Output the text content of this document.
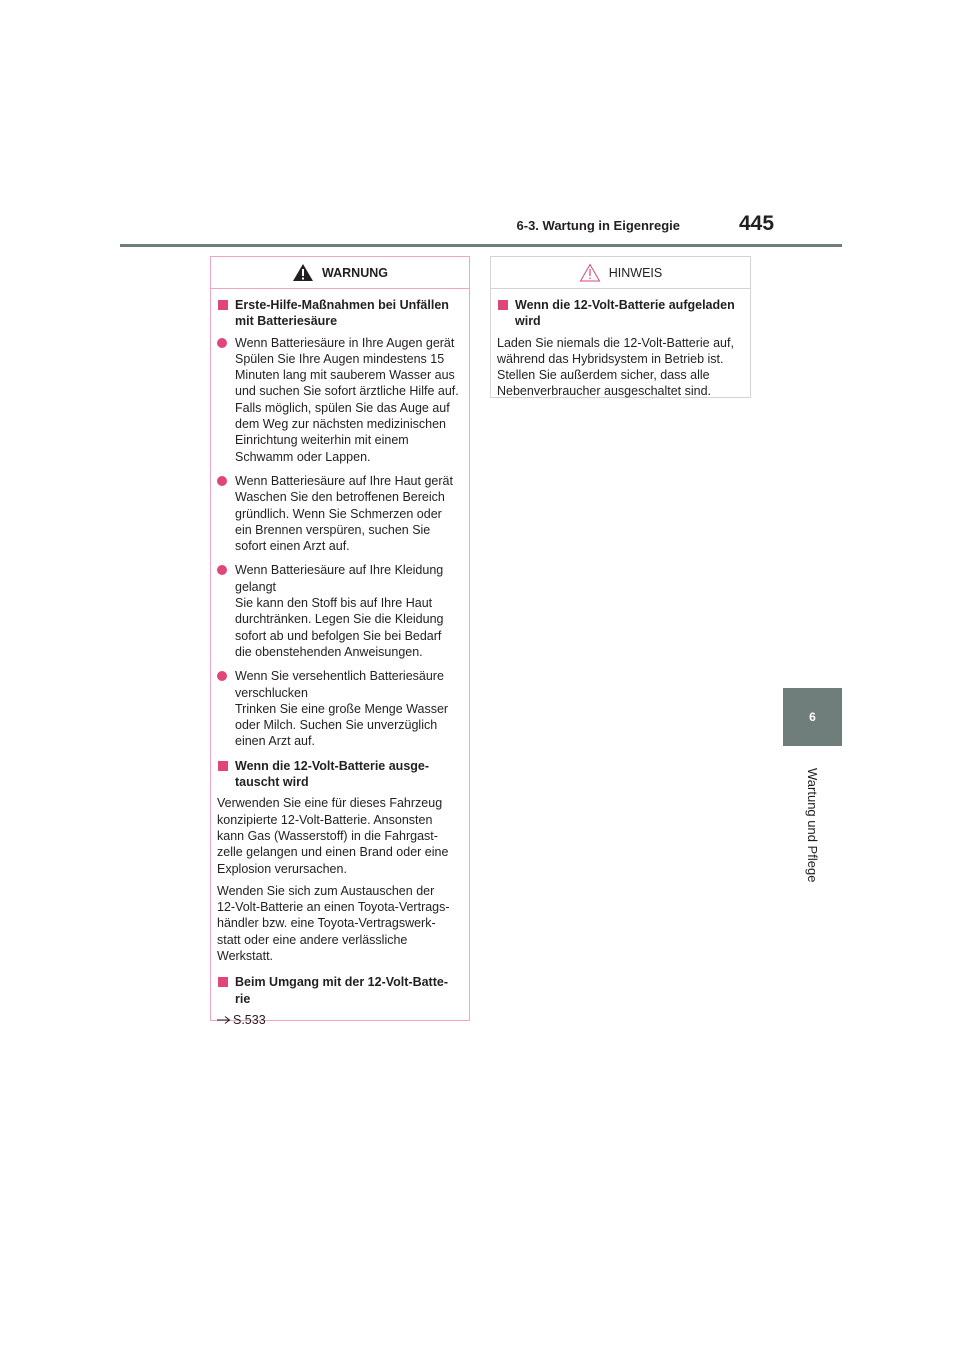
6-3. Wartung in Eigenregie	445
6
Wartung und Pflege
WARNUNG
Erste-Hilfe-Maßnahmen bei Unfällen
mit Batteriesäure
Wenn Batteriesäure in Ihre Augen gerät
Spülen Sie Ihre Augen mindestens 15
Minuten lang mit sauberem Wasser aus
und suchen Sie sofort ärztliche Hilfe auf.
Falls möglich, spülen Sie das Auge auf
dem Weg zur nächsten medizinischen
Einrichtung weiterhin mit einem
Schwamm oder Lappen.
Wenn Batteriesäure auf Ihre Haut gerät
Waschen Sie den betroffenen Bereich
gründlich. Wenn Sie Schmerzen oder
ein Brennen verspüren, suchen Sie
sofort einen Arzt auf.
Wenn Batteriesäure auf Ihre Kleidung
gelangt
Sie kann den Stoff bis auf Ihre Haut
durchtränken. Legen Sie die Kleidung
sofort ab und befolgen Sie bei Bedarf
die obenstehenden Anweisungen.
Wenn Sie versehentlich Batteriesäure
verschlucken
Trinken Sie eine große Menge Wasser
oder Milch. Suchen Sie unverzüglich
einen Arzt auf.
Wenn die 12-Volt-Batterie ausge-
tauscht wird
Verwenden Sie eine für dieses Fahrzeug
konzipierte 12-Volt-Batterie. Ansonsten
kann Gas (Wasserstoff) in die Fahrgast-
zelle gelangen und einen Brand oder eine
Explosion verursachen.
Wenden Sie sich zum Austauschen der
12-Volt-Batterie an einen Toyota-Vertrags-
händler bzw. eine Toyota-Vertragswerk-
statt oder eine andere verlässliche
Werkstatt.
Beim Umgang mit der 12-Volt-Batte-
rie
S.533
HINWEIS
Wenn die 12-Volt-Batterie aufgeladen
wird
Laden Sie niemals die 12-Volt-Batterie auf,
während das Hybridsystem in Betrieb ist.
Stellen Sie außerdem sicher, dass alle
Nebenverbraucher ausgeschaltet sind.
